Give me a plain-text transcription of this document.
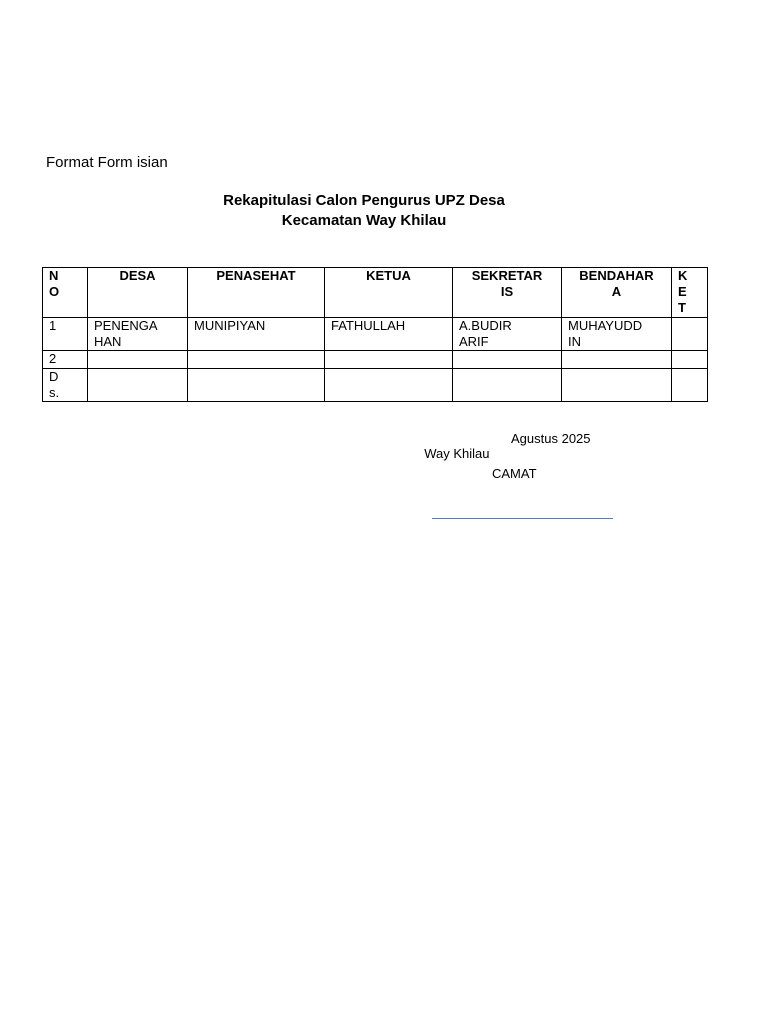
Format Form isian
Rekapitulasi Calon Pengurus UPZ Desa
Kecamatan Way Khilau
N O	DESA	PENASEHAT	KETUA	SEKRETAR IS	BENDAHAR A	K E T

1	PENENGA HAN	MUNIPIYAN	FATHULLAH	A.BUDIR ARIF	MUHAYUDD IN	

2						

D s.						

Way Khilau

Agustus 2025

CAMAT
